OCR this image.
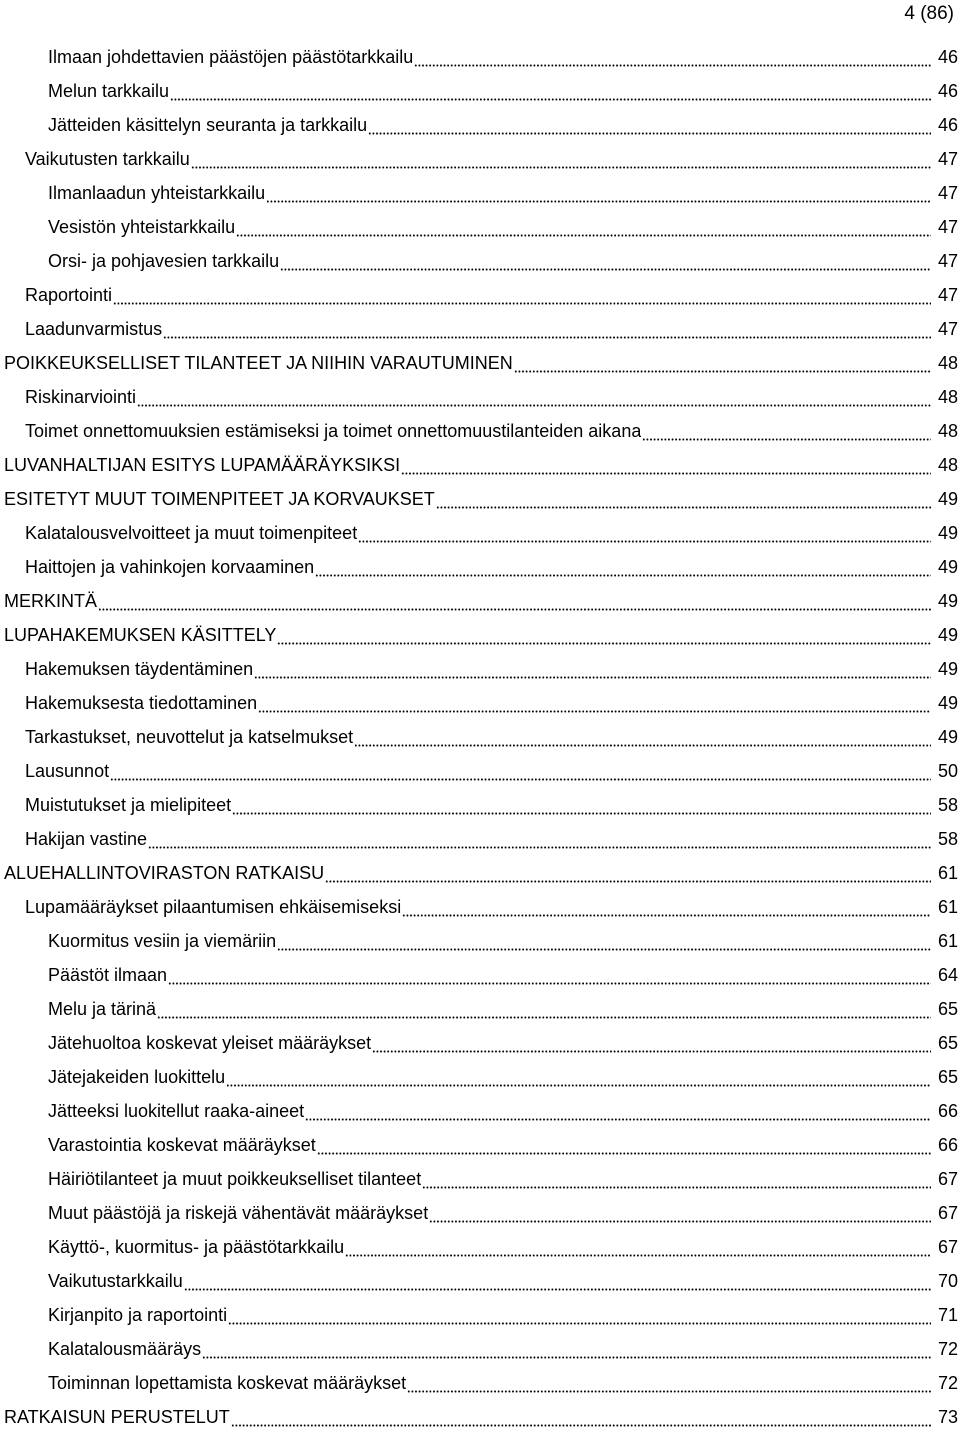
4 (86)
Ilmaan johdettavien päästöjen päästötarkkailu	46
Melun tarkkailu	46
Jätteiden käsittelyn seuranta ja tarkkailu	46
Vaikutusten tarkkailu	47
Ilmanlaadun yhteistarkkailu	47
Vesistön yhteistarkkailu	47
Orsi- ja pohjavesien tarkkailu	47
Raportointi	47
Laadunvarmistus	47
POIKKEUKSELLISET TILANTEET JA NIIHIN VARAUTUMINEN	48
Riskinarviointi	48
Toimet onnettomuuksien estämiseksi ja toimet onnettomuustilanteiden aikana	48
LUVANHALTIJAN ESITYS LUPAMÄÄRÄYKSIKSI	48
ESITETYT MUUT TOIMENPITEET JA KORVAUKSET	49
Kalatalousvelvoitteet ja muut toimenpiteet	49
Haittojen ja vahinkojen korvaaminen	49
MERKINTÄ	49
LUPAHAKEMUKSEN KÄSITTELY	49
Hakemuksen täydentäminen	49
Hakemuksesta tiedottaminen	49
Tarkastukset, neuvottelut ja katselmukset	49
Lausunnot	50
Muistutukset ja mielipiteet	58
Hakijan vastine	58
ALUEHALLINTOVIRASTON RATKAISU	61
Lupamääräykset pilaantumisen ehkäisemiseksi	61
Kuormitus vesiin ja viemäriin	61
Päästöt ilmaan	64
Melu ja tärinä	65
Jätehuoltoa koskevat yleiset määräykset	65
Jätejakeiden luokittelu	65
Jätteeksi luokitellut raaka-aineet	66
Varastointia koskevat määräykset	66
Häiriötilanteet ja muut poikkeukselliset tilanteet	67
Muut päästöjä ja riskejä vähentävät määräykset	67
Käyttö-, kuormitus- ja päästötarkkailu	67
Vaikutustarkkailu	70
Kirjanpito ja raportointi	71
Kalatalousmääräys	72
Toiminnan lopettamista koskevat määräykset	72
RATKAISUN PERUSTELUT	73
